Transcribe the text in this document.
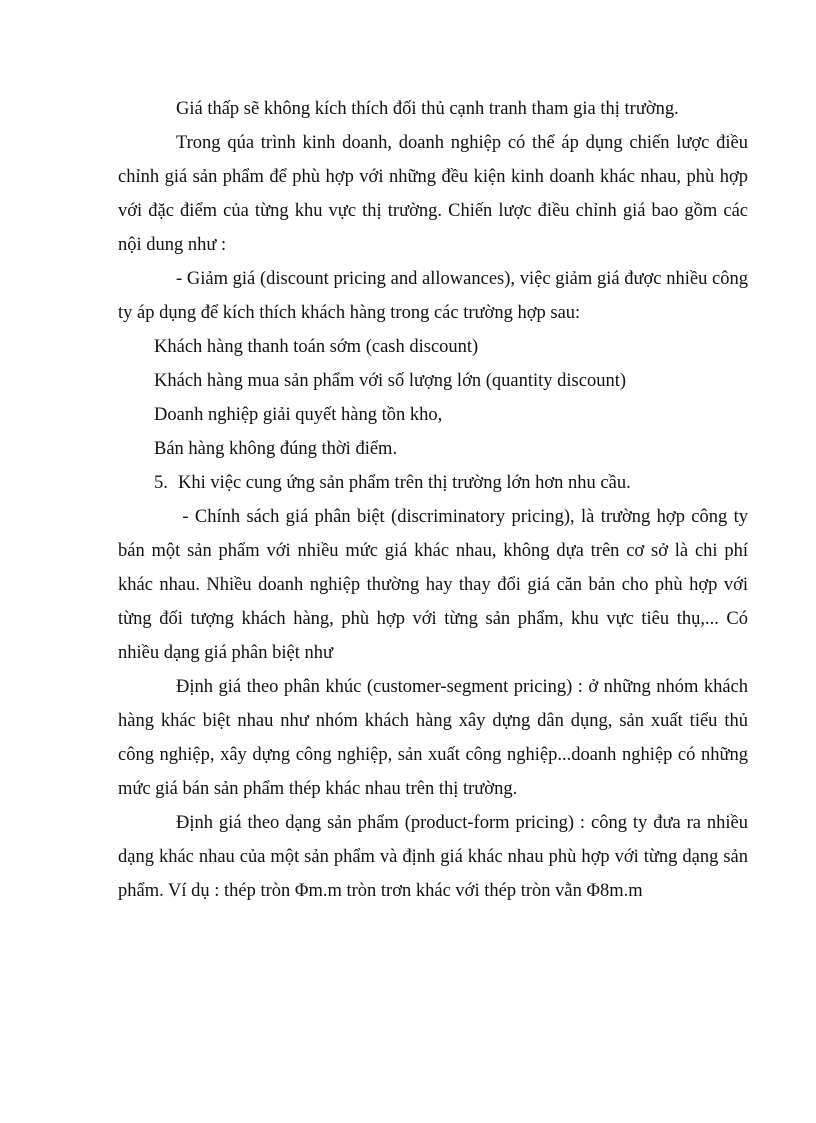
Giá thấp sẽ không kích thích đối thủ cạnh tranh tham gia thị trường.

Trong qúa trình kinh doanh, doanh nghiệp có thể áp dụng chiến lược điều chỉnh giá sản phẩm để phù hợp với những đều kiện kinh doanh khác nhau, phù hợp với đặc điểm của từng khu vực thị trường. Chiến lược điều chỉnh giá bao gồm các nội dung như :

- Giảm giá (discount pricing and allowances), việc giảm giá được nhiều công ty áp dụng để kích thích khách hàng trong các trường hợp sau:

Khách hàng thanh toán sớm (cash discount)

Khách hàng mua sản phẩm với số lượng lớn (quantity discount)

Doanh nghiệp giải quyết hàng tồn kho,

Bán hàng không đúng thời điểm.

5. Khi việc cung ứng sản phẩm trên thị trường lớn hơn nhu cầu.

- Chính sách giá phân biệt (discriminatory pricing), là trường hợp công ty bán một sản phẩm với nhiều mức giá khác nhau, không dựa trên cơ sở là chi phí khác nhau. Nhiều doanh nghiệp thường hay thay đổi giá căn bản cho phù hợp với từng đối tượng khách hàng, phù hợp với từng sản phẩm, khu vực tiêu thụ,... Có nhiều dạng giá phân biệt như

Định giá theo phân khúc (customer-segment pricing) : ở những nhóm khách hàng khác biệt nhau như nhóm khách hàng xây dựng dân dụng, sản xuất tiểu thủ công nghiệp, xây dựng công nghiệp, sản xuất công nghiệp...doanh nghiệp có những mức giá bán sản phẩm thép khác nhau trên thị trường.

Định giá theo dạng sản phẩm (product-form pricing) : công ty đưa ra nhiều dạng khác nhau của một sản phẩm và định giá khác nhau phù hợp với từng dạng sản phẩm. Ví dụ : thép tròn Φm.m tròn trơn khác với thép tròn vằn Φ8m.m
